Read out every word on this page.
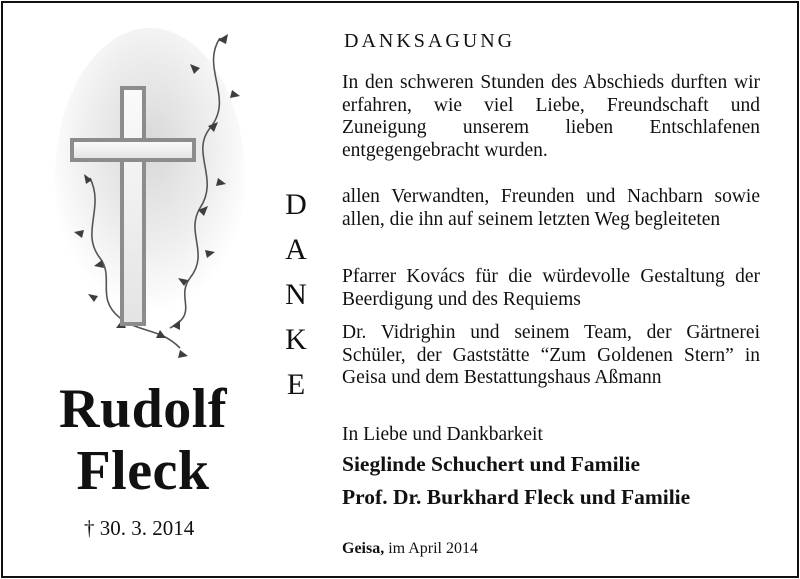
Rudolf
Fleck
† 30. 3. 2014
D
A
N
K
E
DANKSAGUNG
In den schweren Stunden des Abschieds durften wir erfahren, wie viel Liebe, Freundschaft und Zuneigung unserem lieben Entschlafenen entgegengebracht wurden.
allen Verwandten, Freunden und Nachbarn sowie allen, die ihn auf seinem letzten Weg begleiteten
Pfarrer Kovács für die würdevolle Gestaltung der Beerdigung und des Requiems
Dr. Vidrighin und seinem Team, der Gärtnerei Schüler, der Gaststätte “Zum Goldenen Stern” in Geisa und dem Bestattungshaus Aßmann
In Liebe und Dankbarkeit
Sieglinde Schuchert und Familie
Prof. Dr. Burkhard Fleck und Familie
Geisa, im April 2014
